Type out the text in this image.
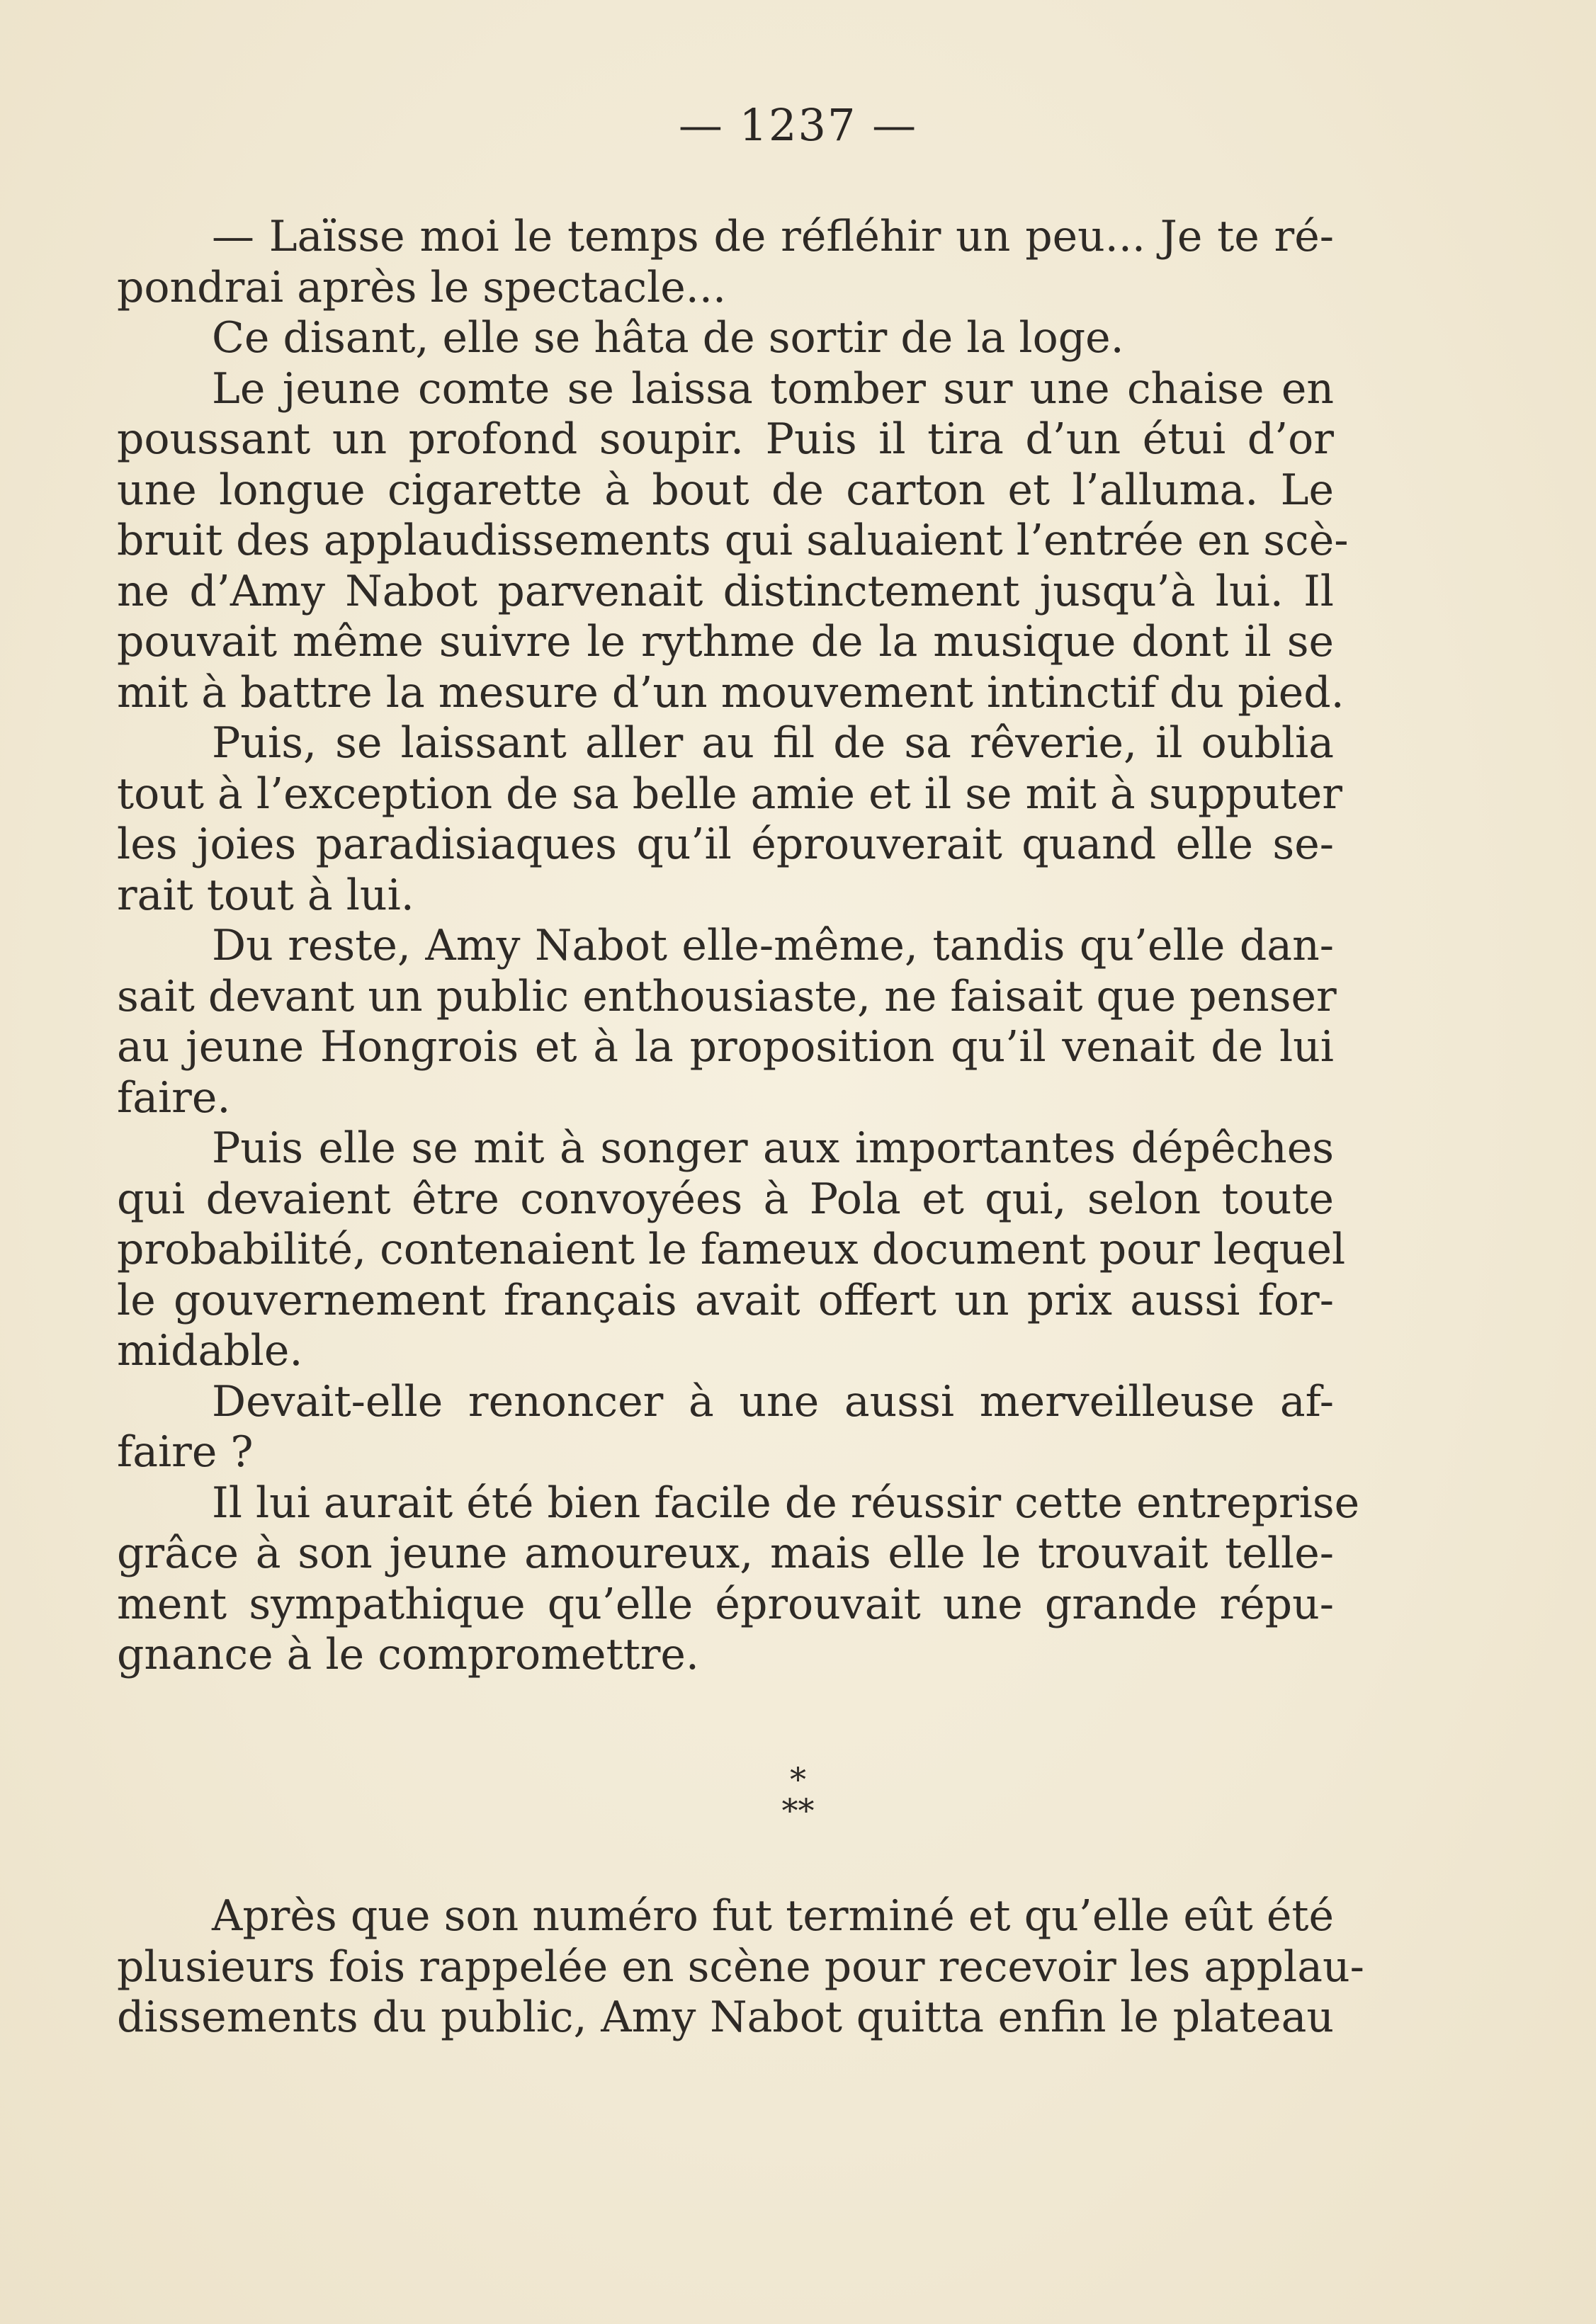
— 1237 —
— Laïsse moi le temps de réfléhir un peu... Je te ré-
pondrai après le spectacle...
Ce disant, elle se hâta de sortir de la loge.
Le jeune comte se laissa tomber sur une chaise en
poussant un profond soupir. Puis il tira d’un étui d’or
une longue cigarette à bout de carton et l’alluma. Le
bruit des applaudissements qui saluaient l’entrée en scè-
ne d’Amy Nabot parvenait distinctement jusqu’à lui. Il
pouvait même suivre le rythme de la musique dont il se
mit à battre la mesure d’un mouvement intinctif du pied.
Puis, se laissant aller au fil de sa rêverie, il oublia
tout à l’exception de sa belle amie et il se mit à supputer
les joies paradisiaques qu’il éprouverait quand elle se-
rait tout à lui.
Du reste, Amy Nabot elle-même, tandis qu’elle dan-
sait devant un public enthousiaste, ne faisait que penser
au jeune Hongrois et à la proposition qu’il venait de lui
faire.
Puis elle se mit à songer aux importantes dépêches
qui devaient être convoyées à Pola et qui, selon toute
probabilité, contenaient le fameux document pour lequel
le gouvernement français avait offert un prix aussi for-
midable.
Devait-elle renoncer à une aussi merveilleuse af-
faire ?
Il lui aurait été bien facile de réussir cette entreprise
grâce à son jeune amoureux, mais elle le trouvait telle-
ment sympathique qu’elle éprouvait une grande répu-
gnance à le compromettre.
*
**
Après que son numéro fut terminé et qu’elle eût été
plusieurs fois rappelée en scène pour recevoir les applau-
dissements du public, Amy Nabot quitta enfin le plateau
